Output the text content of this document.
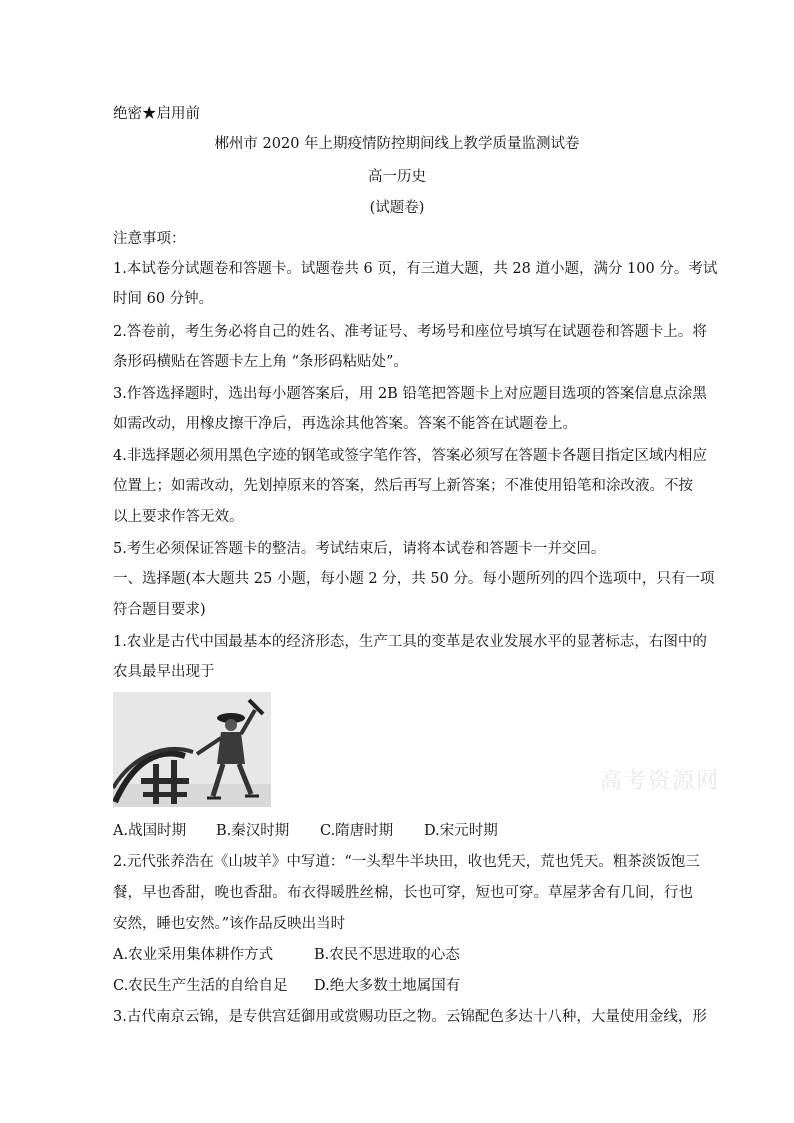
绝密★启用前
郴州市 2020 年上期疫情防控期间线上教学质量监测试卷
高一历史
(试题卷)
注意事项：
1.本试卷分试题卷和答题卡。试题卷共 6 页，有三道大题，共 28 道小题，满分 100 分。考试
时间 60 分钟。
2.答卷前，考生务必将自己的姓名、准考证号、考场号和座位号填写在试题卷和答题卡上。将
条形码横贴在答题卡左上角 “条形码粘贴处”。
3.作答选择题时，选出每小题答案后，用 2B 铅笔把答题卡上对应题目选项的答案信息点涂黑
如需改动，用橡皮擦干净后，再选涂其他答案。答案不能答在试题卷上。
4.非选择题必须用黑色字迹的钢笔或签字笔作答，答案必须写在答题卡各题目指定区域内相应
位置上；如需改动，先划掉原来的答案，然后再写上新答案；不准使用铅笔和涂改液。不按
以上要求作答无效。
5.考生必须保证答题卡的整洁。考试结束后，请将本试卷和答题卡一并交回。
一、选择题(本大题共 25 小题，每小题 2 分，共 50 分。每小题所列的四个选项中，只有一项
符合题目要求)
1.农业是古代中国最基本的经济形态，生产工具的变革是农业发展水平的显著标志，右图中的
农具最早出现于
高考资源网
A.战国时期 B.秦汉时期 C.隋唐时期 D.宋元时期
2.元代张养浩在《山坡羊》中写道：“一头犁牛半块田，收也凭天，荒也凭天。粗茶淡饭饱三
餐，早也香甜，晚也香甜。布衣得暖胜丝棉，长也可穿，短也可穿。草屋茅舍有几间，行也
安然，睡也安然。”该作品反映出当时
A.农业采用集体耕作方式	B.农民不思进取的心态
C.农民生产生活的自给自足 D.绝大多数土地属国有
3.古代南京云锦，是专供宫廷御用或赏赐功臣之物。云锦配色多达十八种，大量使用金线，形
